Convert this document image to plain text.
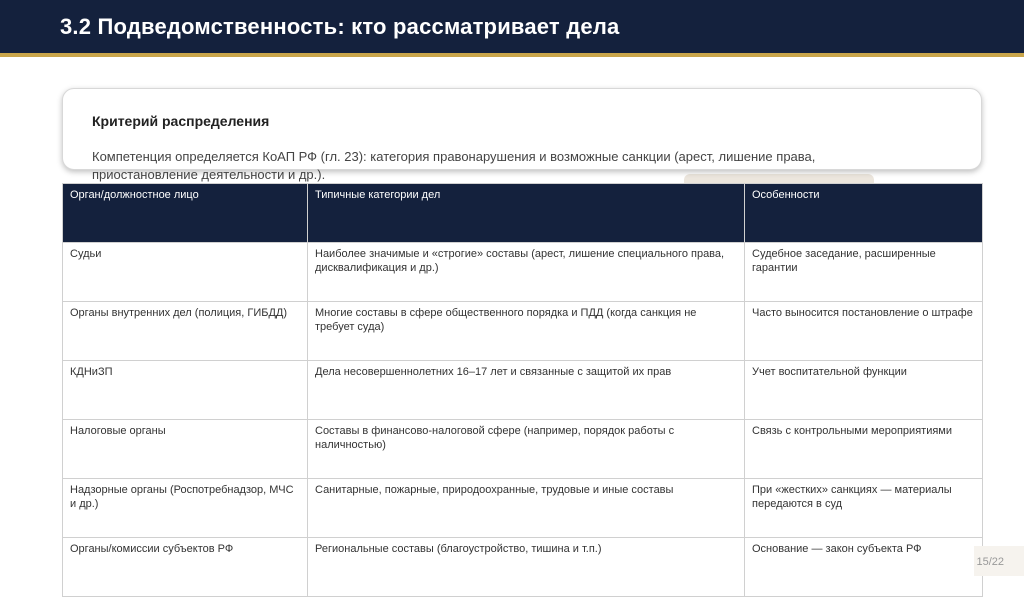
3.2 Подведомственность: кто рассматривает дела
Критерий распределения
Компетенция определяется КоАП РФ (гл. 23): категория правонарушения и возможные санкции (арест, лишение права, приостановление деятельности и др.).
Орган/должностное лицо	Типичные категории дел	Особенности
Судьи	Наиболее значимые и «строгие» составы (арест, лишение специального права, дисквалификация и др.)	Судебное заседание, расширенные гарантии
Органы внутренних дел (полиция, ГИБДД)	Многие составы в сфере общественного порядка и ПДД (когда санкция не требует суда)	Часто выносится постановление о штрафе
КДНиЗП	Дела несовершеннолетних 16–17 лет и связанные с защитой их прав	Учет воспитательной функции
Налоговые органы	Составы в финансово-налоговой сфере (например, порядок работы с наличностью)	Связь с контрольными мероприятиями
Надзорные органы (Роспотребнадзор, МЧС и др.)	Санитарные, пожарные, природоохранные, трудовые и иные составы	При «жестких» санкциях — материалы передаются в суд
Органы/комиссии субъектов РФ	Региональные составы (благоустройство, тишина и т.п.)	Основание — закон субъекта РФ
15/22
